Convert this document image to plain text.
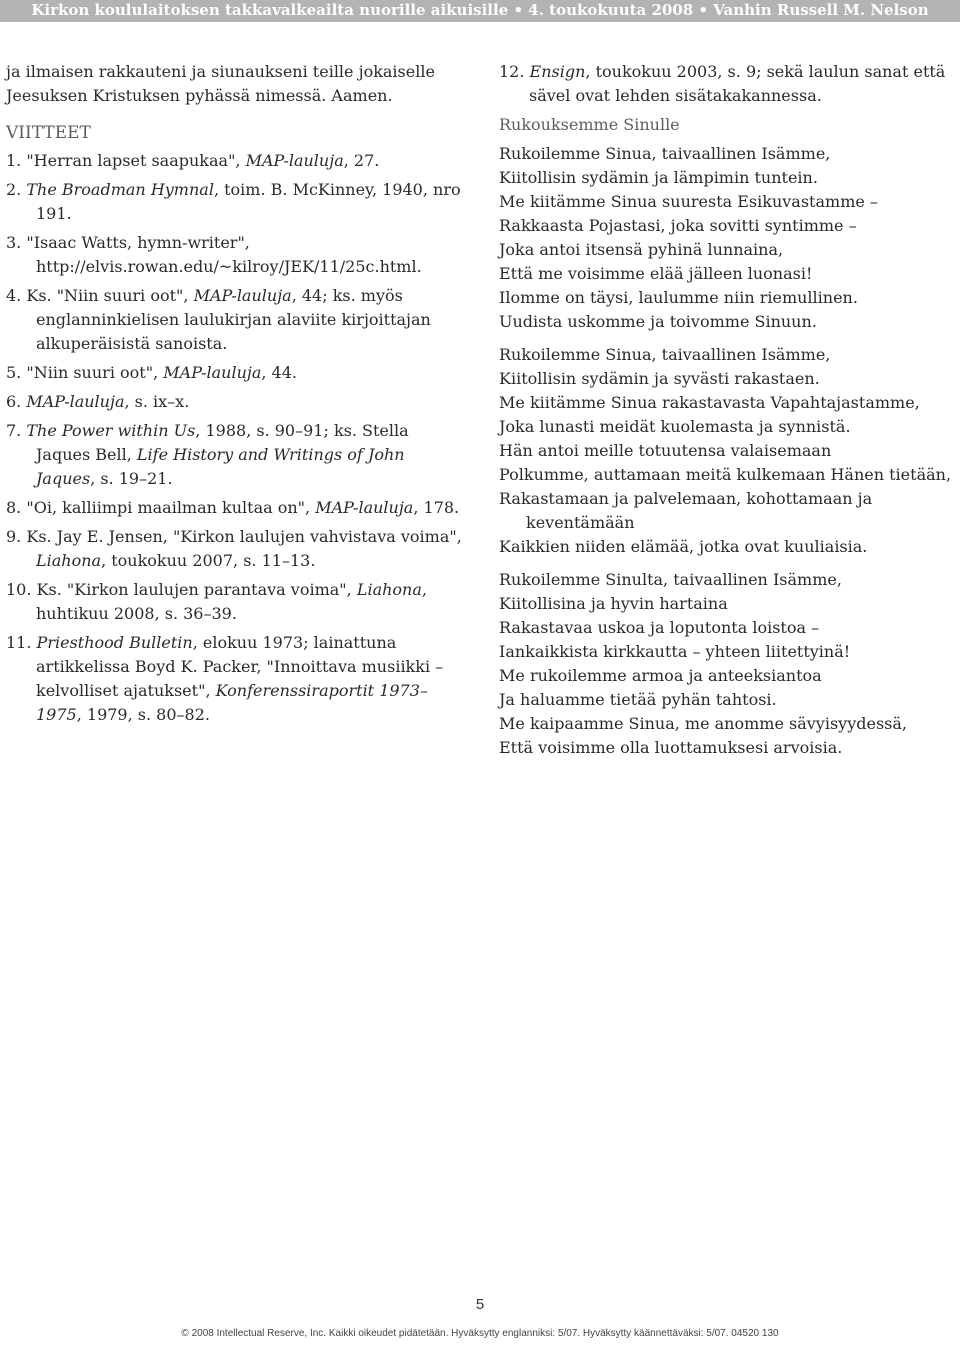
Kirkon koululaitoksen takkavalkeailta nuorille aikuisille • 4. toukokuuta 2008 • Vanhin Russell M. Nelson

ja ilmaisen rakkauteni ja siunaukseni teille jokaiselle Jeesuksen Kristuksen pyhässä nimessä. Aamen.

VIITTEET

1. "Herran lapset saapukaa", MAP-lauluja, 27.

2. The Broadman Hymnal, toim. B. McKinney, 1940, nro 191.

3. "Isaac Watts, hymn-writer", http://elvis.rowan.edu/~kilroy/JEK/11/25c.html.

4. Ks. "Niin suuri oot", MAP-lauluja, 44; ks. myös englanninkielisen laulukirjan alaviite kirjoittajan alkuperäisistä sanoista.

5. "Niin suuri oot", MAP-lauluja, 44.

6. MAP-lauluja, s. ix–x.

7. The Power within Us, 1988, s. 90–91; ks. Stella Jaques Bell, Life History and Writings of John Jaques, s. 19–21.

8. "Oi, kalliimpi maailman kultaa on", MAP-lauluja, 178.

9. Ks. Jay E. Jensen, "Kirkon laulujen vahvistava voima", Liahona, toukokuu 2007, s. 11–13.

10. Ks. "Kirkon laulujen parantava voima", Liahona, huhtikuu 2008, s. 36–39.

11. Priesthood Bulletin, elokuu 1973; lainattuna artikkelissa Boyd K. Packer, "Innoittava musiikki – kelvolliset ajatukset", Konferenssiraportit 1973–1975, 1979, s. 80–82.

12. Ensign, toukokuu 2003, s. 9; sekä laulun sanat että sävel ovat lehden sisätakakannessa.

Rukouksemme Sinulle

Rukoilemme Sinua, taivaallinen Isämme,
Kiitollisin sydämin ja lämpimin tuntein.
Me kiitämme Sinua suuresta Esikuvastamme –
Rakkaasta Pojastasi, joka sovitti syntimme –
Joka antoi itsensä pyhinä lunnaina,
Että me voisimme elää jälleen luonasi!
Ilomme on täysi, laulumme niin riemullinen.
Uudista uskomme ja toivomme Sinuun.
Rukoilemme Sinua, taivaallinen Isämme,
Kiitollisin sydämin ja syvästi rakastaen.
Me kiitämme Sinua rakastavasta Vapahtajastamme,
Joka lunasti meidät kuolemasta ja synnistä.
Hän antoi meille totuutensa valaisemaan
Polkumme, auttamaan meitä kulkemaan Hänen tietään,
Rakastamaan ja palvelemaan, kohottamaan ja keventämään
Kaikkien niiden elämää, jotka ovat kuuliaisia.
Rukoilemme Sinulta, taivaallinen Isämme,
Kiitollisina ja hyvin hartaina
Rakastavaa uskoa ja loputonta loistoa –
Iankaikkista kirkkautta – yhteen liitettyinä!
Me rukoilemme armoa ja anteeksiantoa
Ja haluamme tietää pyhän tahtosi.
Me kaipaamme Sinua, me anomme sävyisyydessä,
Että voisimme olla luottamuksesi arvoisia.
5
© 2008 Intellectual Reserve, Inc. Kaikki oikeudet pidätetään. Hyväksytty englanniksi: 5/07. Hyväksytty käännettäväksi: 5/07. 04520 130
